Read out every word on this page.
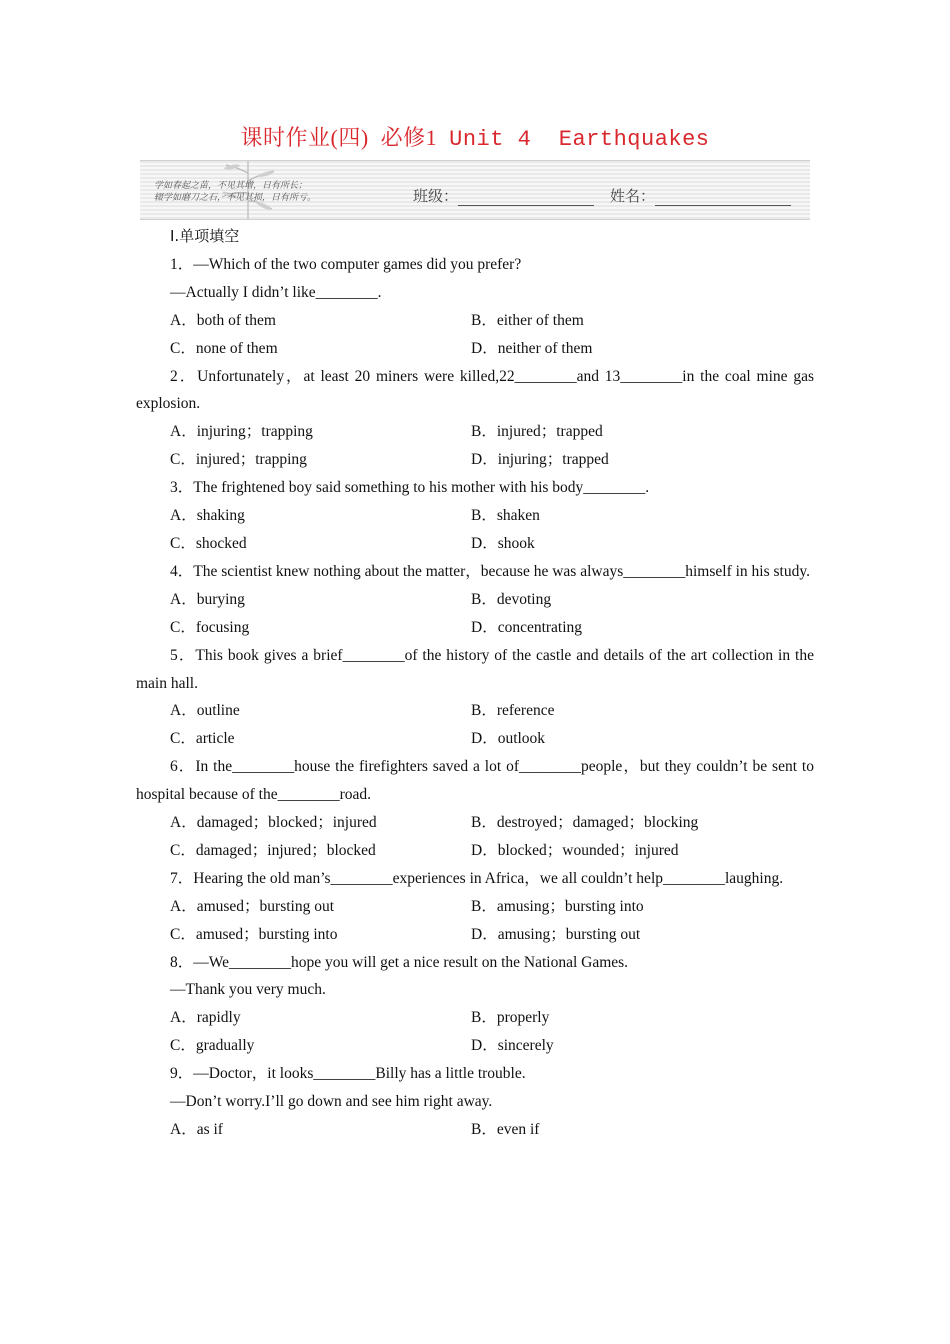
课时作业(四)  必修1  Unit 4  Earthquakes
学如春起之苗，不见其增，日有所长；
辍学如磨刀之石，不见其损，日有所亏。	班级：	姓名：
Ⅰ.单项填空
1．—Which of the two computer games did you prefer?
—Actually I didn’t like________.
A．both of them	B．either of them
C．none of them	D．neither of them
2．Unfortunately，at least 20 miners were killed,22________and 13________in the coal mine gas explosion.
A．injuring；trapping	B．injured；trapped
C．injured；trapping	D．injuring；trapped
3．The frightened boy said something to his mother with his body________.
A．shaking	B．shaken
C．shocked	D．shook
4．The scientist knew nothing about the matter，because he was always________himself in his study.
A．burying	B．devoting
C．focusing	D．concentrating
5．This book gives a brief________of the history of the castle and details of the art collection in the main hall.
A．outline	B．reference
C．article	D．outlook
6．In the________house the firefighters saved a lot of________people，but they couldn’t be sent to hospital because of the________road.
A．damaged；blocked；injured	B．destroyed；damaged；blocking
C．damaged；injured；blocked	D．blocked；wounded；injured
7．Hearing the old man’s________experiences in Africa，we all couldn’t help________laughing.
A．amused；bursting out	B．amusing；bursting into
C．amused；bursting into	D．amusing；bursting out
8．—We________hope you will get a nice result on the National Games.
—Thank you very much.
A．rapidly	B．properly
C．gradually	D．sincerely
9．—Doctor，it looks________Billy has a little trouble.
—Don’t worry.I’ll go down and see him right away.
A．as if	B．even if
